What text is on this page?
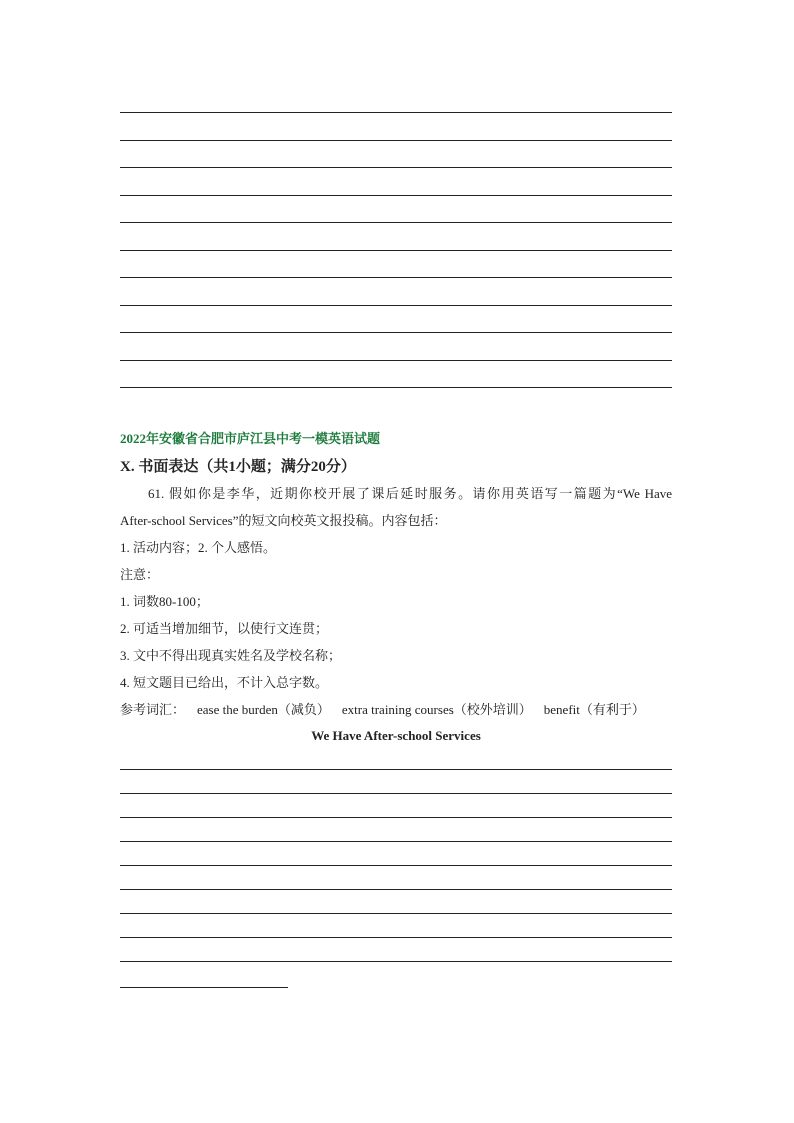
2022年安徽省合肥市庐江县中考一模英语试题
X. 书面表达（共1小题；满分20分）

61. 假如你是李华，近期你校开展了课后延时服务。请你用英语写一篇题为“We Have

After-school Services”的短文向校英文报投稿。内容包括：

1. 活动内容；2. 个人感悟。

注意：

1. 词数80-100；

2. 可适当增加细节，以使行文连贯；

3. 文中不得出现真实姓名及学校名称；

4. 短文题目已给出，不计入总字数。

参考词汇： ease the burden（减负） extra training courses（校外培训） benefit（有利于）

We Have After-school Services
